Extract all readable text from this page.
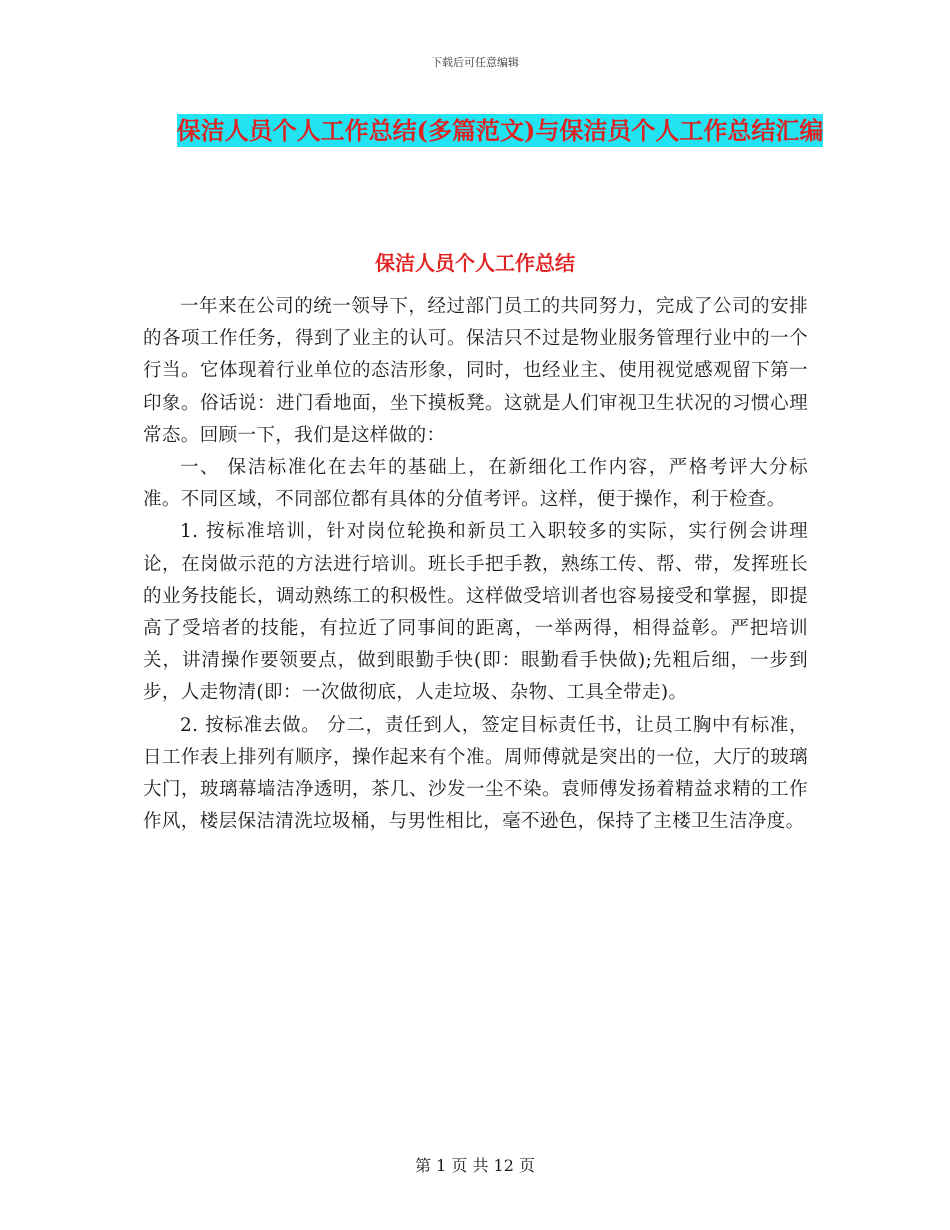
下载后可任意编辑
保洁人员个人工作总结(多篇范文)与保洁员个人工作总结汇编
保洁人员个人工作总结

一年来在公司的统一领导下，经过部门员工的共同努力，完成了公司的安排的各项工作任务，得到了业主的认可。保洁只不过是物业服务管理行业中的一个行当。它体现着行业单位的态洁形象，同时，也经业主、使用视觉感观留下第一印象。俗话说：进门看地面，坐下摸板凳。这就是人们审视卫生状况的习惯心理常态。回顾一下，我们是这样做的：

一、 保洁标准化在去年的基础上，在新细化工作内容，严格考评大分标准。不同区域，不同部位都有具体的分值考评。这样，便于操作，利于检查。

1. 按标准培训，针对岗位轮换和新员工入职较多的实际，实行例会讲理论，在岗做示范的方法进行培训。班长手把手教，熟练工传、帮、带，发挥班长的业务技能长，调动熟练工的积极性。这样做受培训者也容易接受和掌握，即提高了受培者的技能，有拉近了同事间的距离，一举两得，相得益彰。严把培训关，讲清操作要领要点，做到眼勤手快(即：眼勤看手快做);先粗后细，一步到步，人走物清(即：一次做彻底，人走垃圾、杂物、工具全带走)。

2. 按标准去做。 分二，责任到人，签定目标责任书，让员工胸中有标准，日工作表上排列有顺序，操作起来有个准。周师傅就是突出的一位，大厅的玻璃大门，玻璃幕墙洁净透明，茶几、沙发一尘不染。袁师傅发扬着精益求精的工作作风，楼层保洁清洗垃圾桶，与男性相比，毫不逊色，保持了主楼卫生洁净度。

第 1 页 共 12 页
